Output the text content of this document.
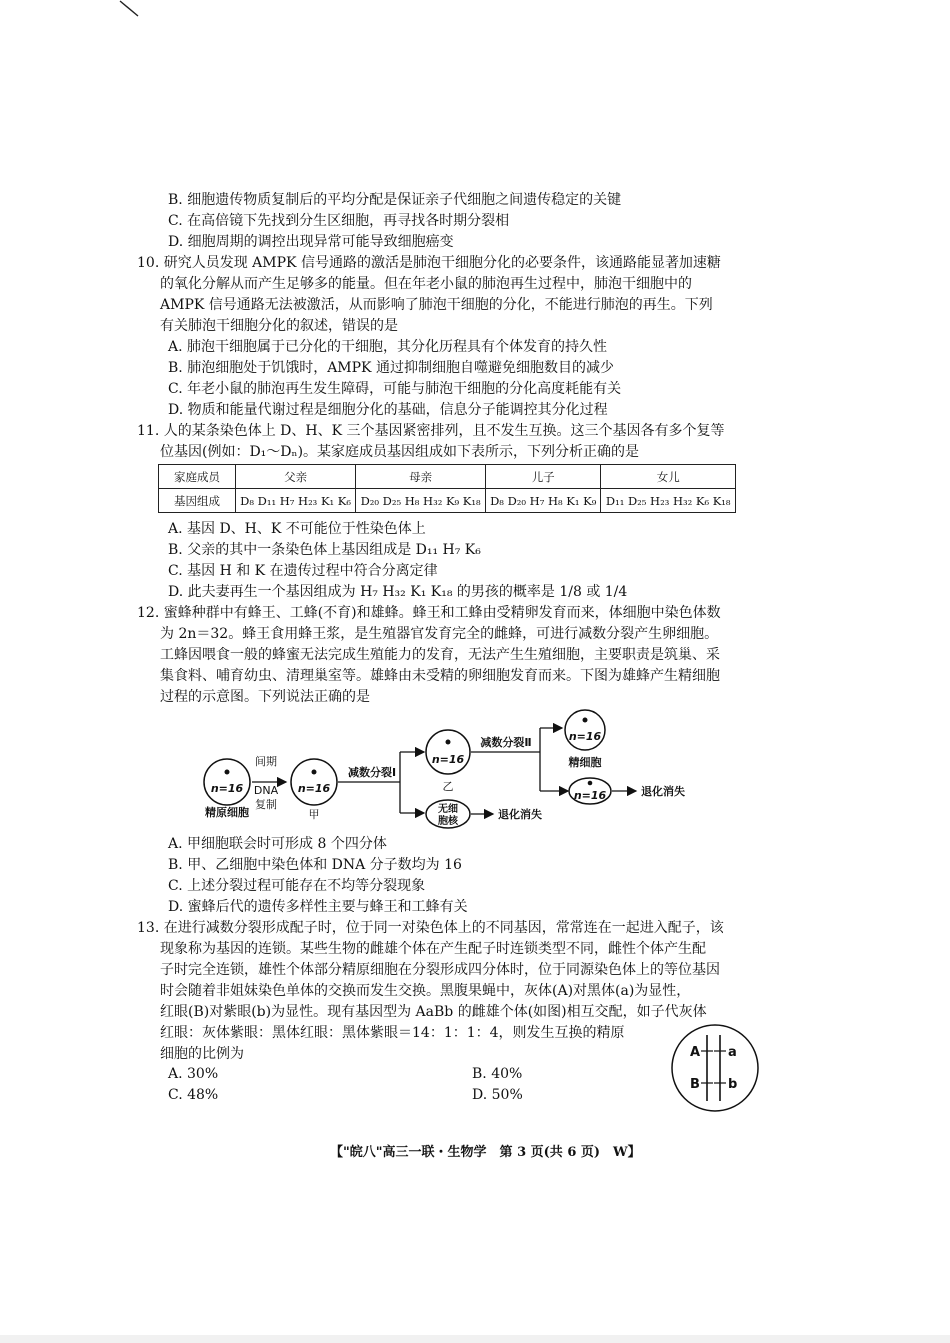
B. 细胞遗传物质复制后的平均分配是保证亲子代细胞之间遗传稳定的关键
C. 在高倍镜下先找到分生区细胞，再寻找各时期分裂相
D. 细胞周期的调控出现异常可能导致细胞癌变
10. 研究人员发现 AMPK 信号通路的激活是肺泡干细胞分化的必要条件，该通路能显著加速糖
的氧化分解从而产生足够多的能量。但在年老小鼠的肺泡再生过程中，肺泡干细胞中的
AMPK 信号通路无法被激活，从而影响了肺泡干细胞的分化，不能进行肺泡的再生。下列
有关肺泡干细胞分化的叙述，错误的是
A. 肺泡干细胞属于已分化的干细胞，其分化历程具有个体发育的持久性
B. 肺泡细胞处于饥饿时，AMPK 通过抑制细胞自噬避免细胞数目的减少
C. 年老小鼠的肺泡再生发生障碍，可能与肺泡干细胞的分化高度耗能有关
D. 物质和能量代谢过程是细胞分化的基础，信息分子能调控其分化过程
11. 人的某条染色体上 D、H、K 三个基因紧密排列，且不发生互换。这三个基因各有多个复等
位基因(例如：D₁～Dₙ)。某家庭成员基因组成如下表所示，下列分析正确的是
家庭成员	父亲	母亲	儿子	女儿
基因组成	D₈ D₁₁ H₇ H₂₃ K₁ K₆	D₂₀ D₂₅ H₈ H₃₂ K₉ K₁₈	D₈ D₂₀ H₇ H₈ K₁ K₉	D₁₁ D₂₅ H₂₃ H₃₂ K₆ K₁₈
A. 基因 D、H、K 不可能位于性染色体上
B. 父亲的其中一条染色体上基因组成是 D₁₁ H₇ K₆
C. 基因 H 和 K 在遗传过程中符合分离定律
D. 此夫妻再生一个基因组成为 H₇ H₃₂ K₁ K₁₈ 的男孩的概率是 1/8 或 1/4
12. 蜜蜂种群中有蜂王、工蜂(不育)和雄蜂。蜂王和工蜂由受精卵发育而来，体细胞中染色体数
为 2n＝32。蜂王食用蜂王浆，是生殖器官发育完全的雌蜂，可进行减数分裂产生卵细胞。
工蜂因喂食一般的蜂蜜无法完成生殖能力的发育，无法产生生殖细胞，主要职责是筑巢、采
集食料、哺育幼虫、清理巢室等。雄蜂由未受精的卵细胞发育而来。下图为雄蜂产生精细胞
过程的示意图。下列说法正确的是
n=16
精原细胞
间期
DNA
复制
n=16
甲
减数分裂Ⅰ
n=16
乙
无细
胞核
退化消失
减数分裂Ⅱ	n=16
精细胞
n=16	退化消失
A. 甲细胞联会时可形成 8 个四分体
B. 甲、乙细胞中染色体和 DNA 分子数均为 16
C. 上述分裂过程可能存在不均等分裂现象
D. 蜜蜂后代的遗传多样性主要与蜂王和工蜂有关
13. 在进行减数分裂形成配子时，位于同一对染色体上的不同基因，常常连在一起进入配子，该
现象称为基因的连锁。某些生物的雌雄个体在产生配子时连锁类型不同，雌性个体产生配
子时完全连锁，雄性个体部分精原细胞在分裂形成四分体时，位于同源染色体上的等位基因
时会随着非姐妹染色单体的交换而发生交换。黑腹果蝇中，灰体(A)对黑体(a)为显性，
红眼(B)对紫眼(b)为显性。现有基因型为 AaBb 的雌雄个体(如图)相互交配，如子代灰体
红眼：灰体紫眼：黑体红眼：黑体紫眼＝14：1：1：4，则发生互换的精原
细胞的比例为
A. 30%	B. 40%
C. 48%	D. 50%
A a
B b
【"皖八"高三一联・生物学　第 3 页(共 6 页)　W】
